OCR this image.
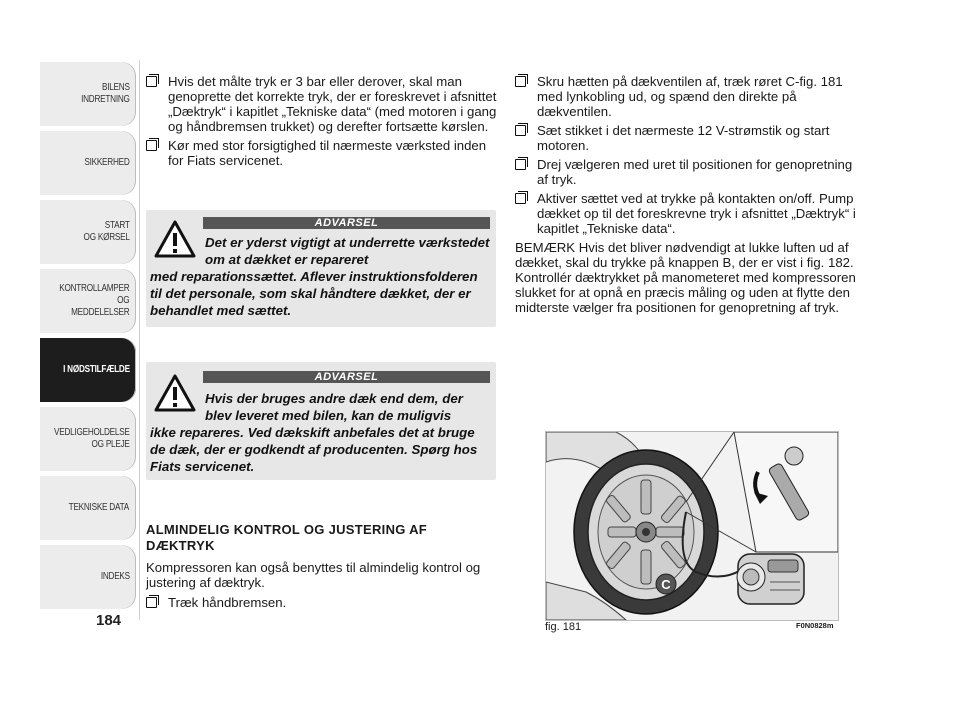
BILENS
INDRETNING
SIKKERHED
START
OG KØRSEL
KONTROLLAMPER
OG MEDDELELSER
I NØDSTILFÆLDE
VEDLIGEHOLDELSE
OG PLEJE
TEKNISKE DATA
INDEKS
184

Hvis det målte tryk er 3 bar eller derover, skal man genoprette det korrekte tryk, der er foreskrevet i afsnittet „Dæktryk“ i kapitlet „Tekniske data“ (med motoren i gang og håndbremsen trukket) og derefter fortsætte kørslen.

Kør med stor forsigtighed til nærmeste værksted inden for Fiats servicenet.

ADVARSEL
Det er yderst vigtigt at underrette værkstedet om at dækket er repareret
med reparationssættet. Aflever instruktionsfolderen til det personale, som skal håndtere dækket, der er behandlet med sættet.
ADVARSEL
Hvis der bruges andre dæk end dem, der blev leveret med bilen, kan de muligvis
ikke repareres. Ved dækskift anbefales det at bruge de dæk, der er godkendt af producenten. Spørg hos Fiats servicenet.

ALMINDELIG KONTROL OG JUSTERING AF DÆKTRYK

Kompressoren kan også benyttes til almindelig kontrol og justering af dæktryk.

Træk håndbremsen.

Skru hætten på dækventilen af, træk røret C-fig. 181 med lynkobling ud, og spænd den direkte på dækventilen.

Sæt stikket i det nærmeste 12 V-strømstik og start motoren.

Drej vælgeren med uret til positionen for genopretning af tryk.

Aktiver sættet ved at trykke på kontakten on/off. Pump dækket op til det foreskrevne tryk i afsnittet „Dæktryk“ i kapitlet „Tekniske data“.

BEMÆRK Hvis det bliver nødvendigt at lukke luften ud af dækket, skal du trykke på knappen B, der er vist i fig. 182. Kontrollér dæktrykket på manometeret med kompressoren slukket for at opnå en præcis måling og uden at flytte den midterste vælger fra positionen for genopretning af tryk.

C
F0N0828m
fig. 181
